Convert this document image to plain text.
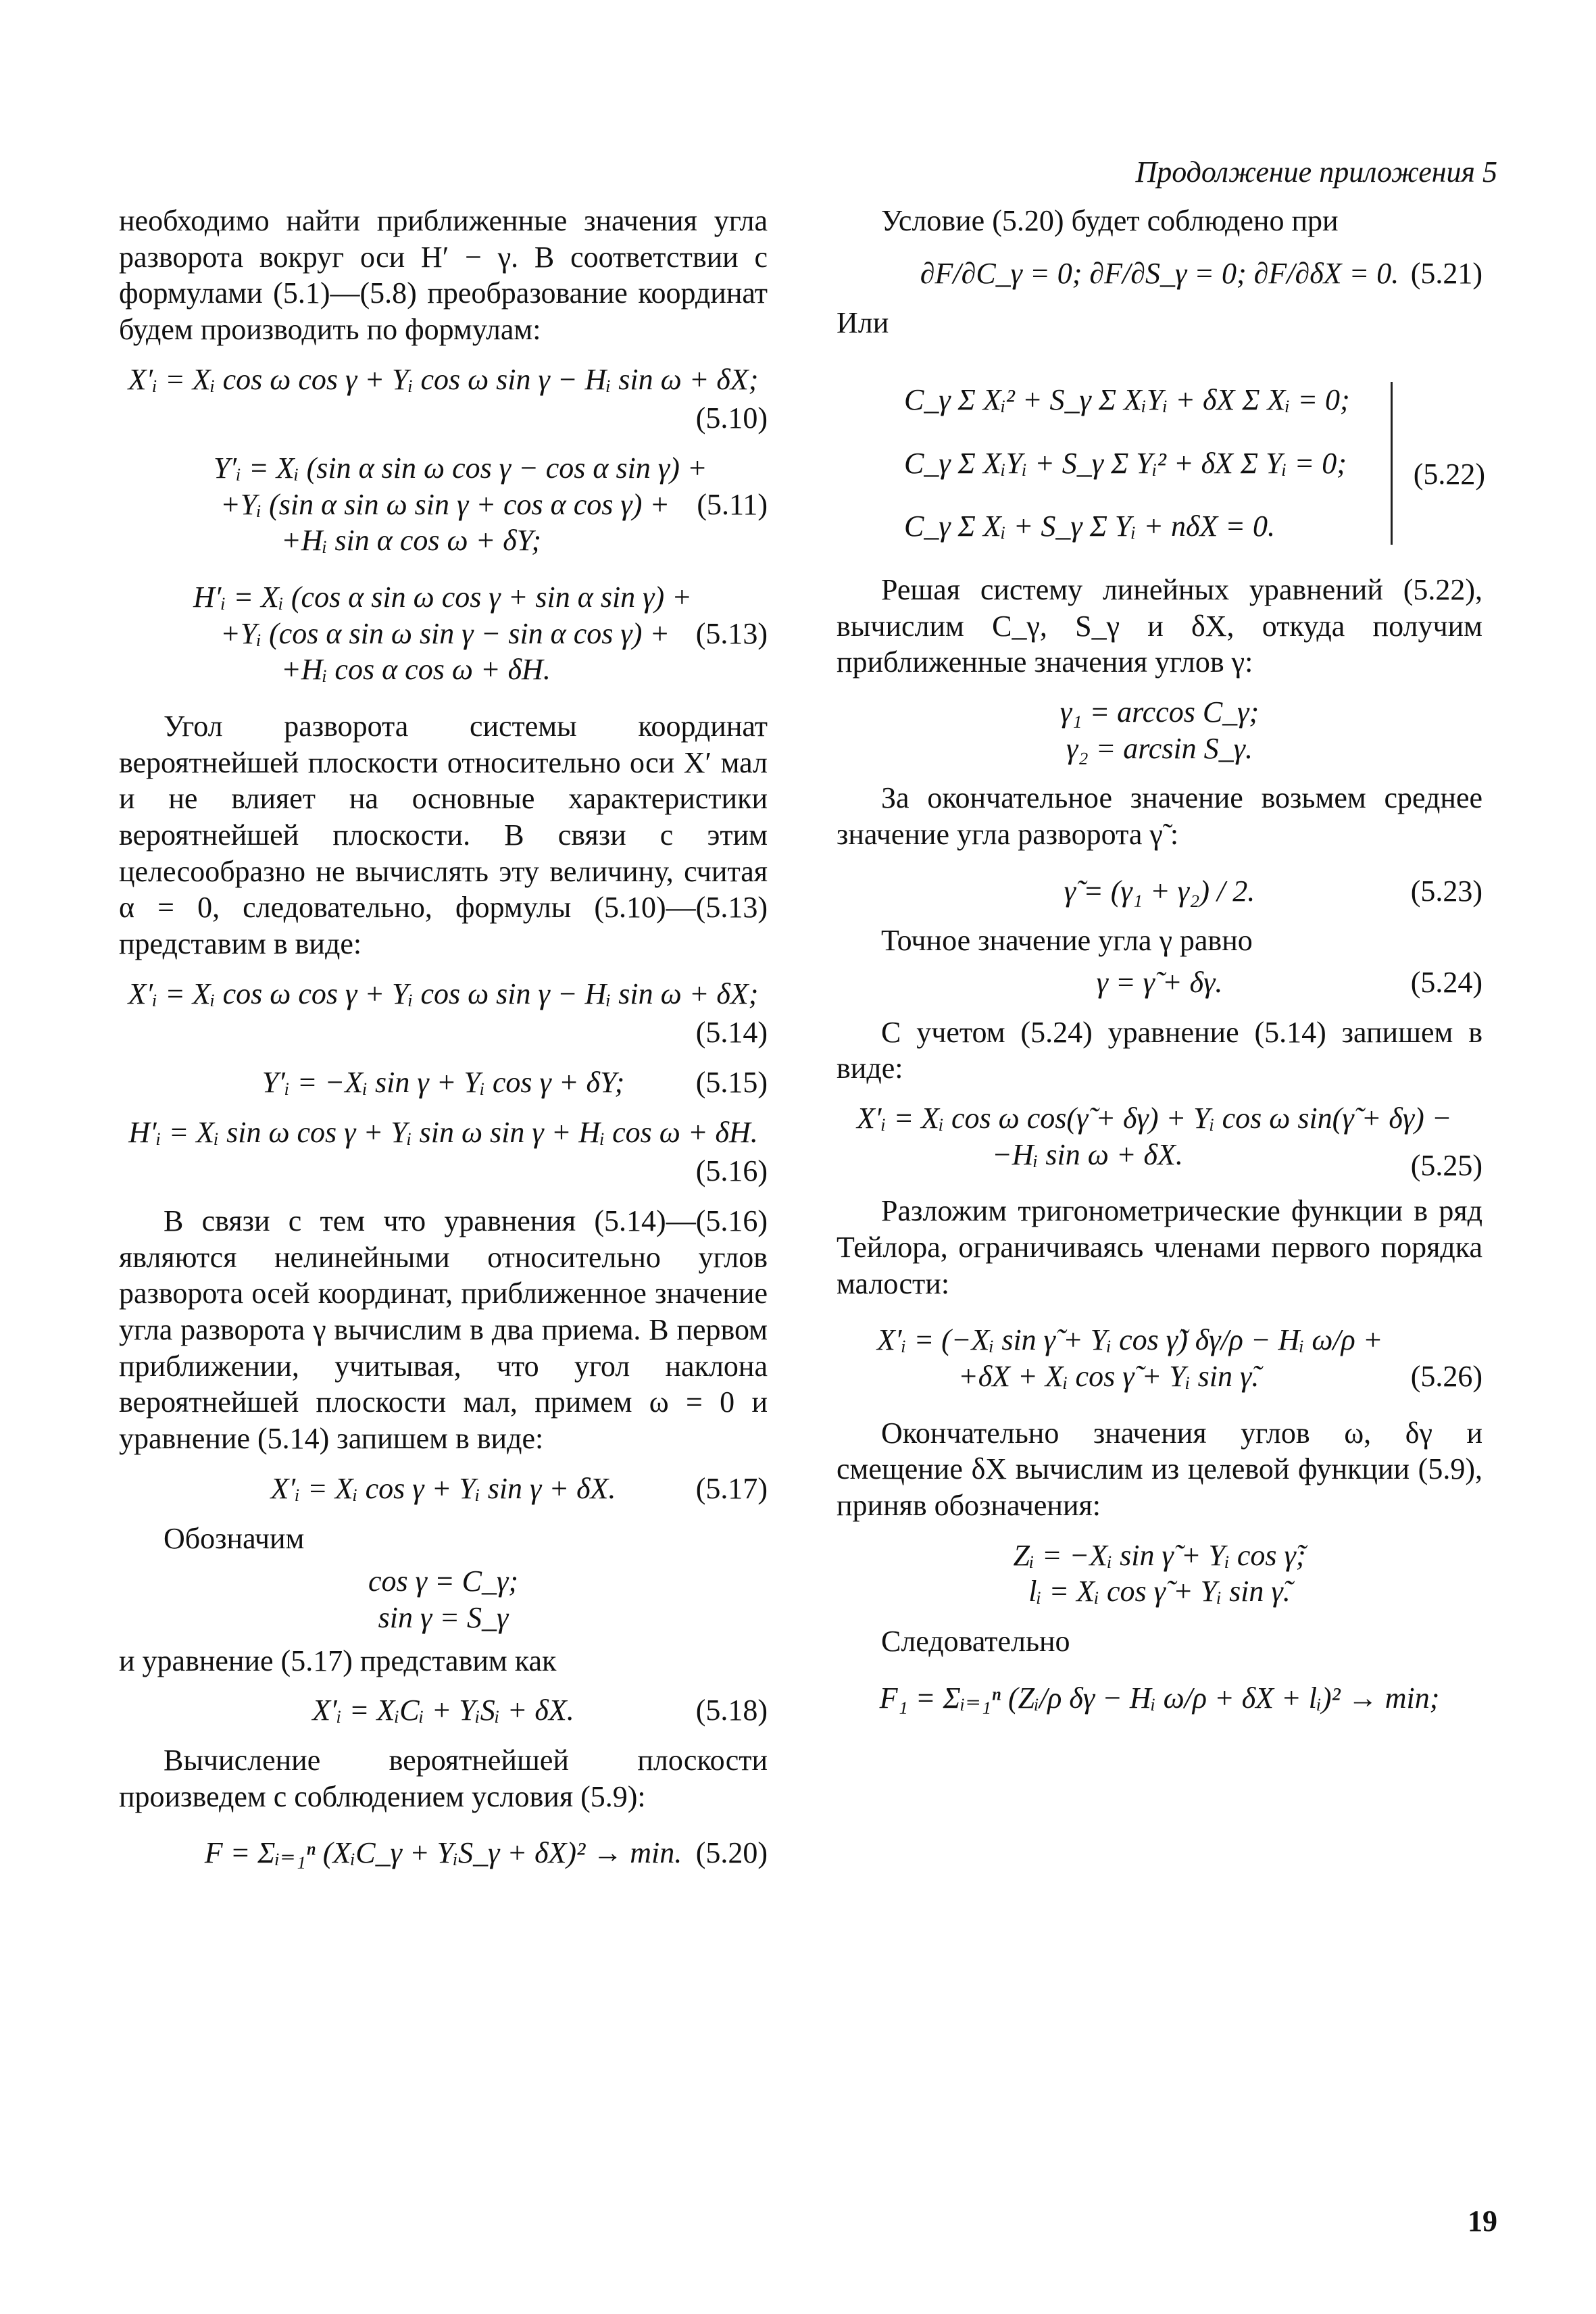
Продолжение приложения 5

необходимо найти приближенные значения угла разворота вокруг оси H′ − γ. В соответствии с формулами (5.1)—(5.8) преобразование координат будем производить по формулам:

X′ᵢ = Xᵢ cos ω cos γ + Yᵢ cos ω sin γ − Hᵢ sin ω + δX;
(5.10)
Y′ᵢ = Xᵢ (sin α sin ω cos γ − cos α sin γ) +
+Yᵢ (sin α sin ω sin γ + cos α cos γ) +
+Hᵢ sin α cos ω + δY;
(5.11)
H′ᵢ = Xᵢ (cos α sin ω cos γ + sin α sin γ) +
+Yᵢ (cos α sin ω sin γ − sin α cos γ) +
+Hᵢ cos α cos ω + δH.
(5.13)

Угол разворота системы координат вероятнейшей плоскости относительно оси X′ мал и не влияет на основные характеристики вероятнейшей плоскости. В связи с этим целесообразно не вычислять эту величину, считая α = 0, следовательно, формулы (5.10)—(5.13) представим в виде:

X′ᵢ = Xᵢ cos ω cos γ + Yᵢ cos ω sin γ − Hᵢ sin ω + δX;
(5.14)
Y′ᵢ = −Xᵢ sin γ + Yᵢ cos γ + δY; (5.15)
H′ᵢ = Xᵢ sin ω cos γ + Yᵢ sin ω sin γ + Hᵢ cos ω + δH.
(5.16)

В связи с тем что уравнения (5.14)—(5.16) являются нелинейными относительно углов разворота осей координат, приближенное значение угла разворота γ вычислим в два приема. В первом приближении, учитывая, что угол наклона вероятнейшей плоскости мал, примем ω = 0 и уравнение (5.14) запишем в виде:

X′ᵢ = Xᵢ cos γ + Yᵢ sin γ + δX.	(5.17)

Обозначим

cos γ = C_γ;
sin γ = S_γ

и уравнение (5.17) представим как

X′ᵢ = XᵢCᵢ + YᵢSᵢ + δX.	(5.18)

Вычисление вероятнейшей плоскости произведем с соблюдением условия (5.9):

F = Σᵢ₌₁ⁿ (XᵢC_γ + YᵢS_γ + δX)² → min. (5.20)

Условие (5.20) будет соблюдено при

∂F/∂C_γ = 0; ∂F/∂S_γ = 0; ∂F/∂δX = 0. (5.21)

Или

C_γ Σ Xᵢ² + S_γ Σ XᵢYᵢ + δX Σ Xᵢ = 0;
C_γ Σ XᵢYᵢ + S_γ Σ Yᵢ² + δX Σ Yᵢ = 0;
C_γ Σ Xᵢ + S_γ Σ Yᵢ + nδX = 0.
(5.22)

Решая систему линейных уравнений (5.22), вычислим C_γ, S_γ и δX, откуда получим приближенные значения углов γ:

γ₁ = arccos C_γ;
γ₂ = arcsin S_γ.

За окончательное значение возьмем среднее значение угла разворота γ̃ :

γ̃ = (γ₁ + γ₂) / 2.	(5.23)

Точное значение угла γ равно

γ = γ̃ + δγ.	(5.24)

С учетом (5.24) уравнение (5.14) запишем в виде:

X′ᵢ = Xᵢ cos ω cos(γ̃ + δγ) + Yᵢ cos ω sin(γ̃ + δγ) −
−Hᵢ sin ω + δX.	(5.25)

Разложим тригонометрические функции в ряд Тейлора, ограничиваясь членами первого порядка малости:

X′ᵢ = (−Xᵢ sin γ̃ + Yᵢ cos γ̃) δγ/ρ − Hᵢ ω/ρ +
+δX + Xᵢ cos γ̃ + Yᵢ sin γ̃.	(5.26)

Окончательно значения углов ω, δγ и смещение δX вычислим из целевой функции (5.9), приняв обозначения:

Zᵢ = −Xᵢ sin γ̃ + Yᵢ cos γ̃;
lᵢ = Xᵢ cos γ̃ + Yᵢ sin γ̃.

Следовательно

F₁ = Σᵢ₌₁ⁿ (Zᵢ/ρ δγ − Hᵢ ω/ρ + δX + lᵢ)² → min;
19
